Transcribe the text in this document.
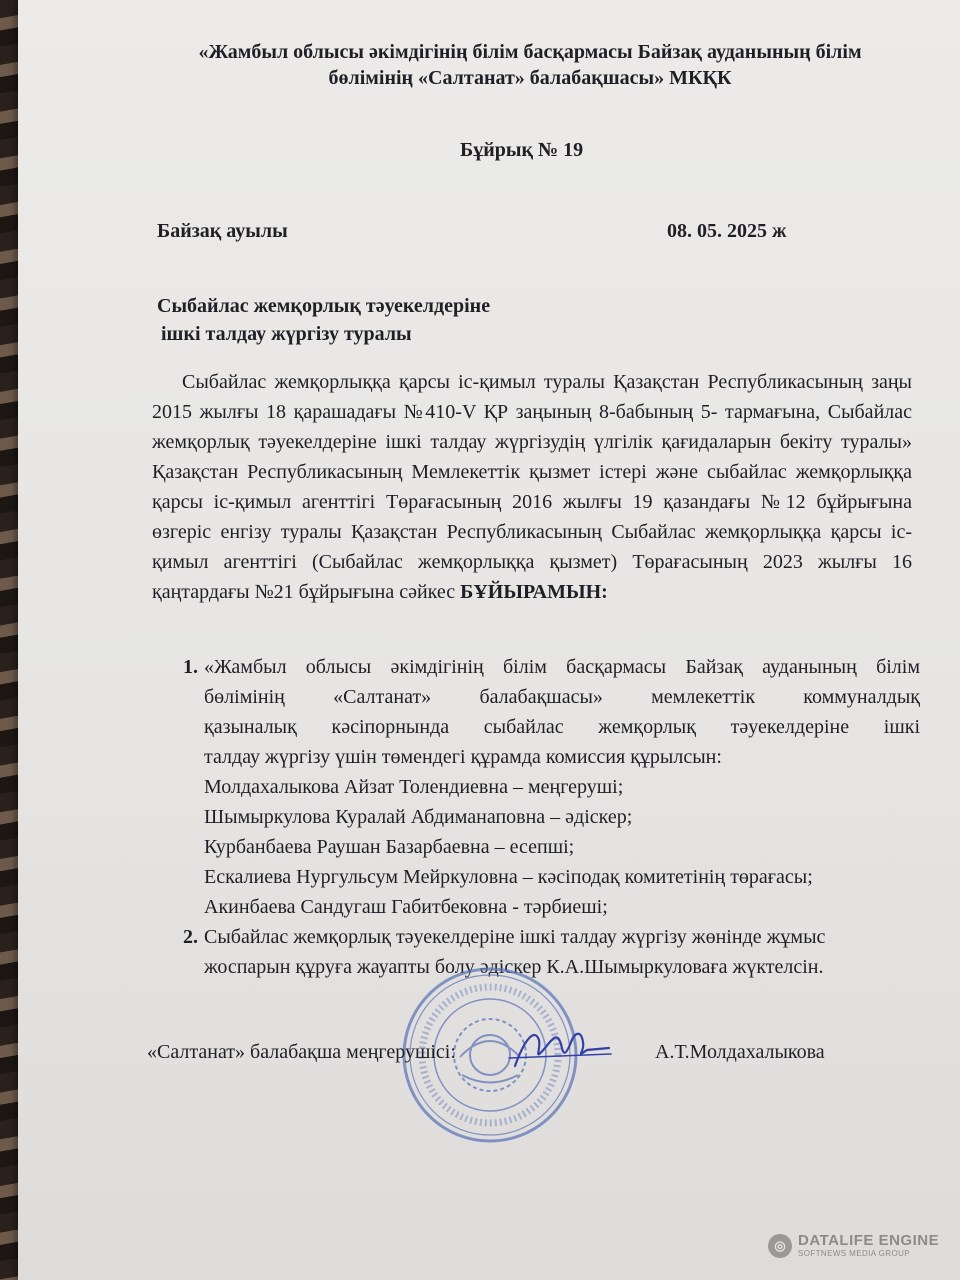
«Жамбыл облысы әкімдігінің білім басқармасы Байзақ ауданының білім
бөлімінің «Салтанат» балабақшасы» МКҚК
Бұйрық № 19
Байзақ ауылы	08. 05. 2025 ж
Сыбайлас жемқорлық тәуекелдеріне
ішкі талдау жүргізу туралы
Сыбайлас жемқорлыққа қарсы іс-қимыл туралы Қазақстан Республикасының заңы 2015 жылғы 18 қарашадағы №410-V ҚР заңының 8-бабының 5- тармағына, Сыбайлас жемқорлық тәуекелдеріне ішкі талдау жүргізудің үлгілік қағидаларын бекіту туралы» Қазақстан Республикасының Мемлекеттік қызмет істері және сыбайлас жемқорлыққа қарсы іс-қимыл агенттігі Төрағасының 2016 жылғы 19 қазандағы №12 бұйрығына өзгеріс енгізу туралы Қазақстан Республикасының Сыбайлас жемқорлыққа қарсы іс-қимыл агенттігі (Сыбайлас жемқорлыққа қызмет) Төрағасының 2023 жылғы 16 қаңтардағы №21 бұйрығына сәйкес БҰЙЫРАМЫН:
1. «Жамбыл облысы әкімдігінің білім басқармасы Байзақ ауданының білім
бөлімінің «Салтанат» балабақшасы» мемлекеттік коммуналдық
қазыналық кәсіпорнында сыбайлас жемқорлық тәуекелдеріне ішкі
талдау жүргізу үшін төмендегі құрамда комиссия құрылсын:
Молдахалыкова Айзат Толендиевна – меңгеруші;
Шымыркулова Куралай Абдиманаповна – әдіскер;
Курбанбаева Раушан Базарбаевна – есепші;
Ескалиева Нургульсум Мейркуловна – кәсіподақ комитетінің төрағасы;
Акинбаева Сандугаш Габитбековна - тәрбиеші;
2. Сыбайлас жемқорлық тәуекелдеріне ішкі талдау жүргізу жөнінде жұмыс
жоспарын құруға жауапты болу әдіскер К.А.Шымыркуловаға жүктелсін.
«Салтанат» балабақша меңгерушісі:	А.Т.Молдахалыкова
◎ DATALIFE ENGINE
SOFTNEWS MEDIA GROUP
